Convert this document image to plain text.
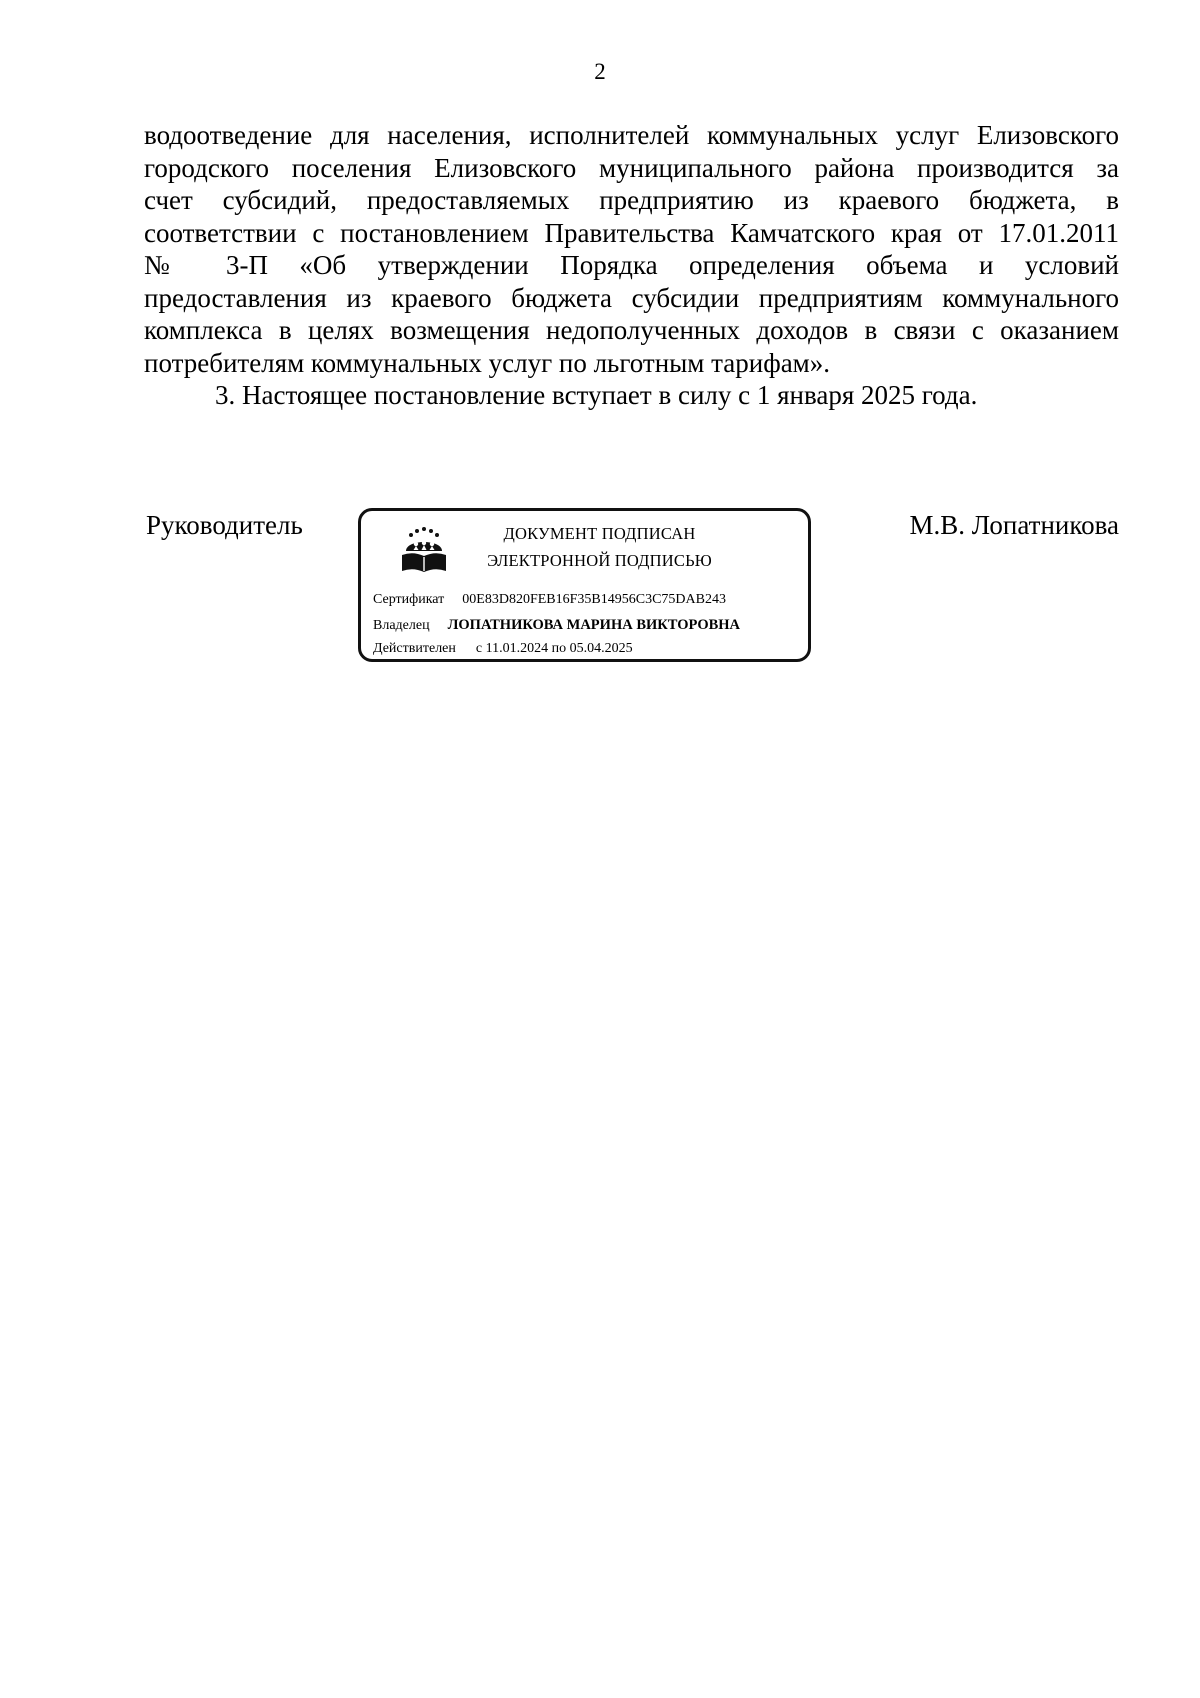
2

водоотведение для населения, исполнителей коммунальных услуг Елизовского
городского поселения Елизовского муниципального района производится за
счет субсидий, предоставляемых предприятию из краевого бюджета, в
соответствии с постановлением Правительства Камчатского края от 17.01.2011
№ 3-П «Об утверждении Порядка определения объема и условий
предоставления из краевого бюджета субсидии предприятиям коммунального
комплекса в целях возмещения недополученных доходов в связи с оказанием
потребителям коммунальных услуг по льготным тарифам».

3. Настоящее постановление вступает в силу с 1 января 2025 года.

Руководитель	ДОКУМЕНТ ПОДПИСАН
ЭЛЕКТРОННОЙ ПОДПИСЬЮ
Сертификат 00E83D820FEB16F35B14956C3C75DAB243
Владелец ЛОПАТНИКОВА МАРИНА ВИКТОРОВНА
Действителен с 11.01.2024 по 05.04.2025
М.В. Лопатникова
